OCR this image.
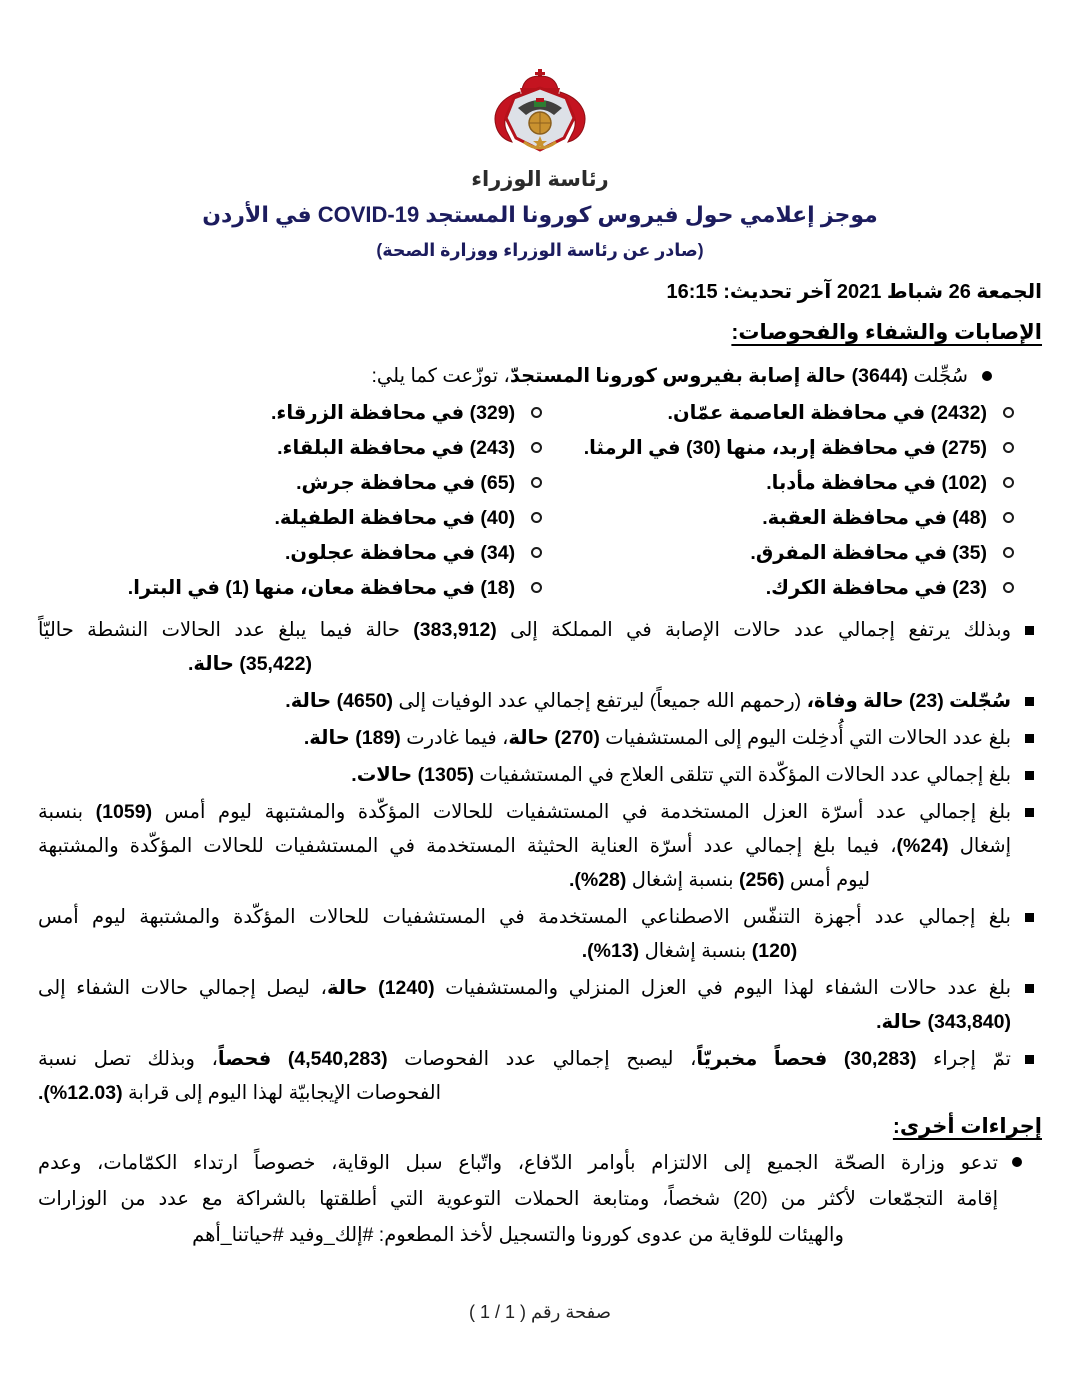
رئاسة الوزراء
موجز إعلامي حول فيروس كورونا المستجد COVID-19 في الأردن
(صادر عن رئاسة الوزراء ووزارة الصحة)
الجمعة 26 شباط 2021 آخر تحديث: 16:15
الإصابات والشفاء والفحوصات:
سُجِّلت (3644) حالة إصابة بفيروس كورونا المستجدّ، توزّعت كما يلي:
(2432) في محافظة العاصمة عمّان.
(275) في محافظة إربد، منها (30) في الرمثا.
(102) في محافظة مأدبا.
(48) في محافظة العقبة.
(35) في محافظة المفرق.
(23) في محافظة الكرك.
(329) في محافظة الزرقاء.
(243) في محافظة البلقاء.
(65) في محافظة جرش.
(40) في محافظة الطفيلة.
(34) في محافظة عجلون.
(18) في محافظة معان، منها (1) في البترا.
وبذلك يرتفع إجمالي عدد حالات الإصابة في المملكة إلى (383,912) حالة فيما يبلغ عدد الحالات النشطة حاليّاً
(35,422) حالة.
سُجّلت (23) حالة وفاة، (رحمهم الله جميعاً) ليرتفع إجمالي عدد الوفيات إلى (4650) حالة.
بلغ عدد الحالات التي أُدخِلت اليوم إلى المستشفيات (270) حالة، فيما غادرت (189) حالة.
بلغ إجمالي عدد الحالات المؤكّدة التي تتلقى العلاج في المستشفيات (1305) حالات.
بلغ إجمالي عدد أسرّة العزل المستخدمة في المستشفيات للحالات المؤكّدة والمشتبهة ليوم أمس (1059) بنسبة
إشغال (24%)، فيما بلغ إجمالي عدد أسرّة العناية الحثيثة المستخدمة في المستشفيات للحالات المؤكّدة والمشتبهة
ليوم أمس (256) بنسبة إشغال (28%).
بلغ إجمالي عدد أجهزة التنفّس الاصطناعي المستخدمة في المستشفيات للحالات المؤكّدة والمشتبهة ليوم أمس
(120) بنسبة إشغال (13%).
بلغ عدد حالات الشفاء لهذا اليوم في العزل المنزلي والمستشفيات (1240) حالة، ليصل إجمالي حالات الشفاء إلى
(343,840) حالة.
تمّ إجراء (30,283) فحصاً مخبريّاً، ليصبح إجمالي عدد الفحوصات (4,540,283) فحصاً، وبذلك تصل نسبة
الفحوصات الإيجابيّة لهذا اليوم إلى قرابة (12.03%).
إجراءات أخرى:
تدعو وزارة الصحّة الجميع إلى الالتزام بأوامر الدّفاع، واتّباع سبل الوقاية، خصوصاً ارتداء الكمّامات، وعدم
إقامة التجمّعات لأكثر من (20) شخصاً، ومتابعة الحملات التوعوية التي أطلقتها بالشراكة مع عدد من الوزارات
والهيئات للوقاية من عدوى كورونا والتسجيل لأخذ المطعوم: #إلك_وفيد #حياتنا_أهم
صفحة رقم ( 1 / 1 )
